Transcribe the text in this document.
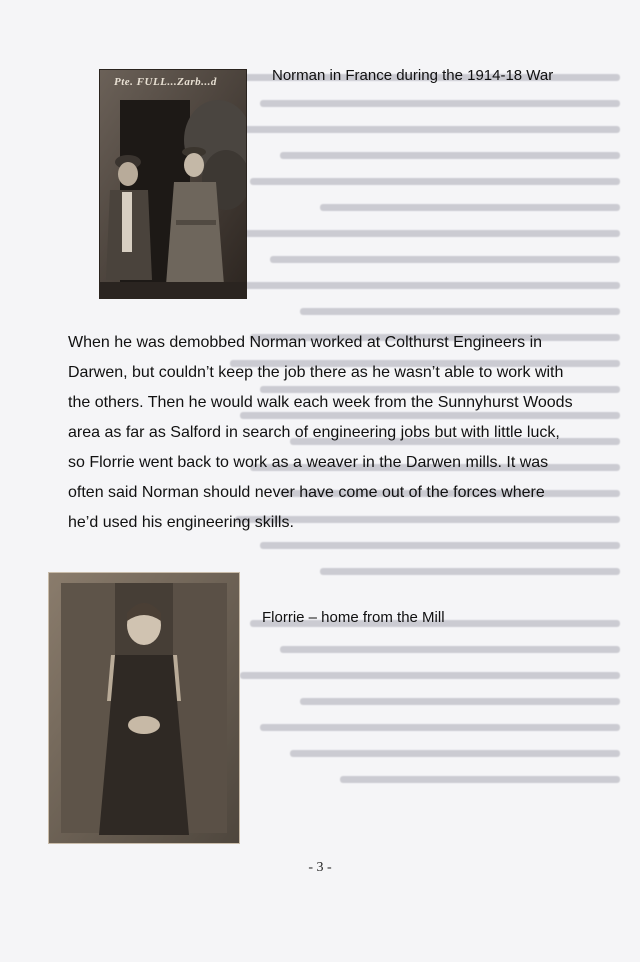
Pte. FULL...Zarb...d	Norman in France during the 1914-18 War

When he was demobbed Norman worked at Colthurst Engineers in Darwen, but couldn’t keep the job there as he wasn’t able to work with the others. Then he would walk each week from the Sunnyhurst Woods area as far as Salford in search of engineering jobs but with little luck, so Florrie went back to work as a weaver in the Darwen mills. It was often said Norman should never have come out of the forces where he’d used his engineering skills.

Florrie – home from the Mill
- 3 -
